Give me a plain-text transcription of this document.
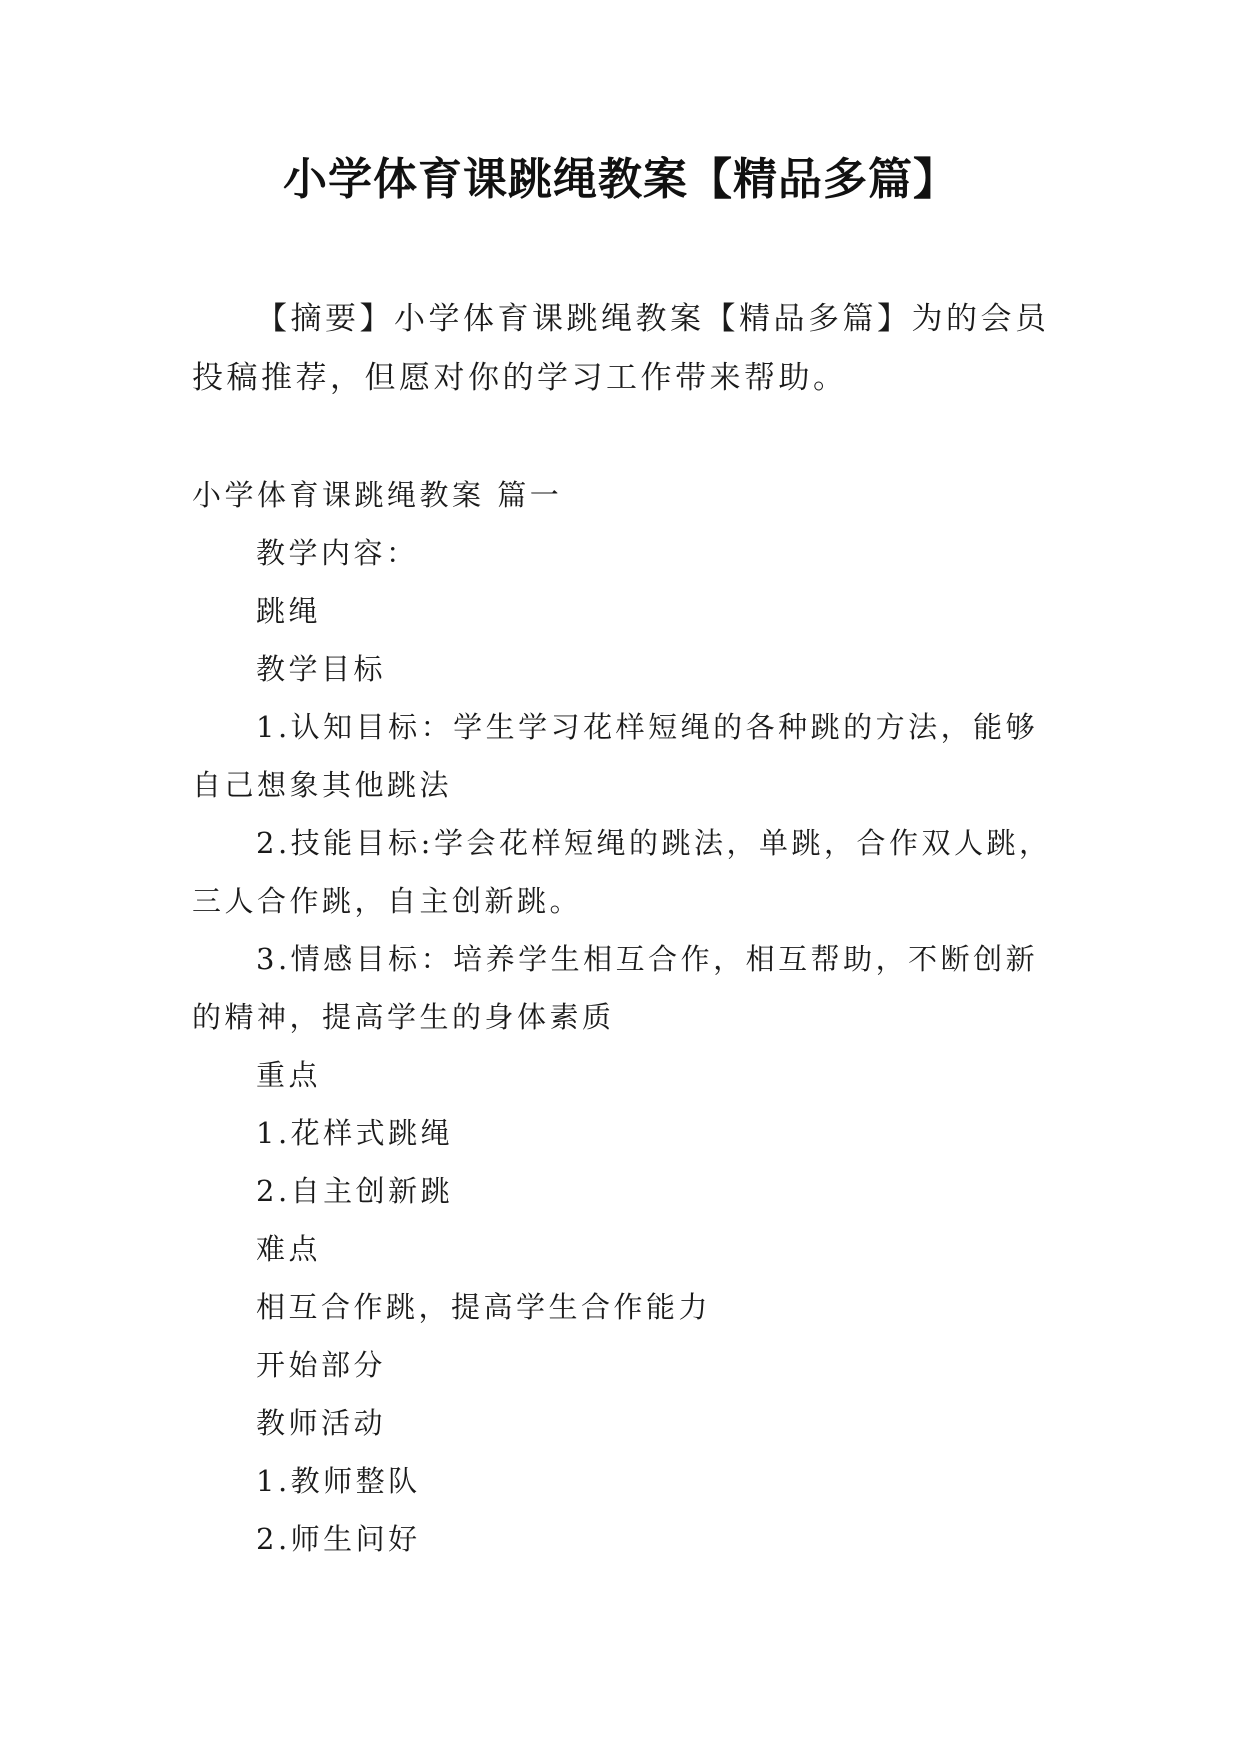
小学体育课跳绳教案【精品多篇】

【摘要】小学体育课跳绳教案【精品多篇】为的会员投稿推荐，但愿对你的学习工作带来帮助。

小学体育课跳绳教案 篇一

教学内容：

跳绳

教学目标

1.认知目标：学生学习花样短绳的各种跳的方法，能够自己想象其他跳法

2.技能目标:学会花样短绳的跳法，单跳，合作双人跳，三人合作跳，自主创新跳。

3.情感目标：培养学生相互合作，相互帮助，不断创新的精神，提高学生的身体素质

重点

1.花样式跳绳

2.自主创新跳

难点

相互合作跳，提高学生合作能力

开始部分

教师活动

1.教师整队

2.师生问好
